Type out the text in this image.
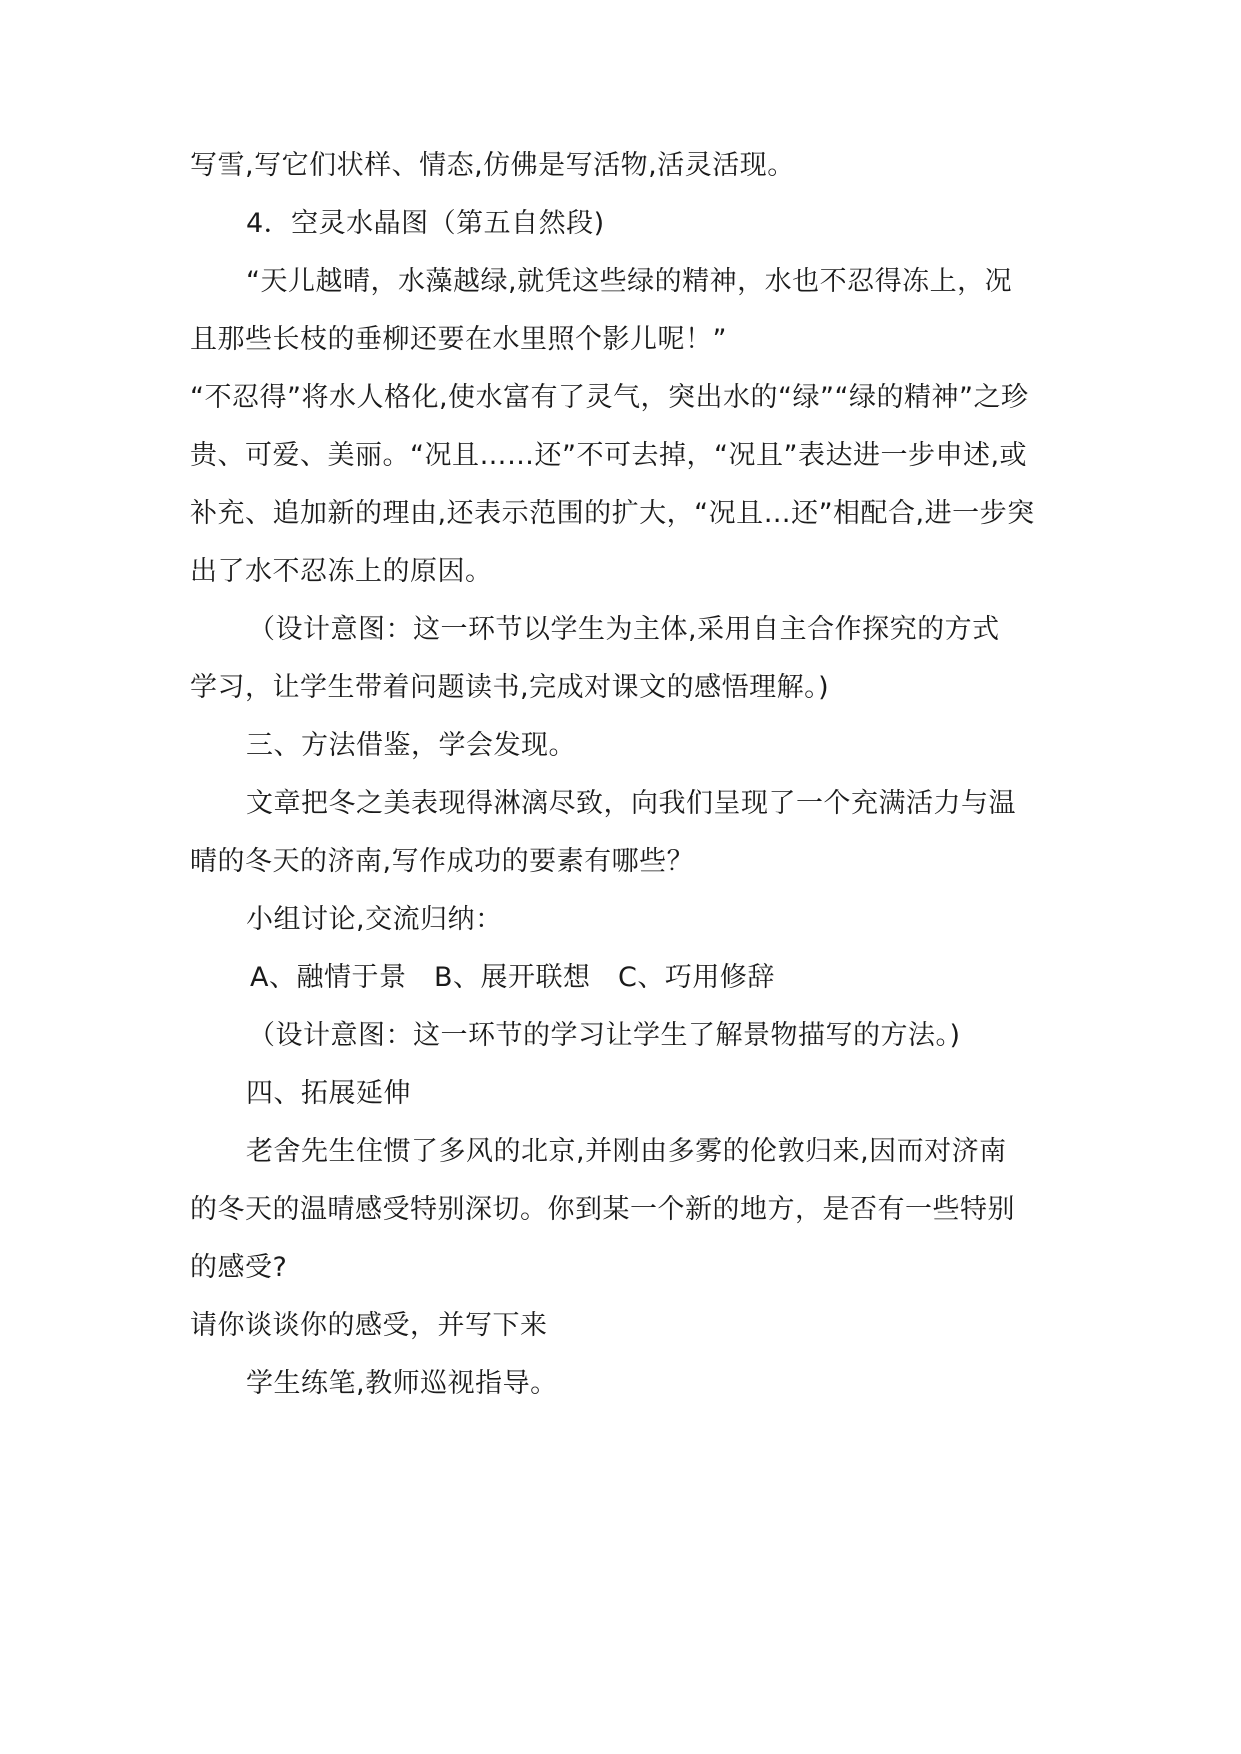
写雪,写它们状样、情态,仿佛是写活物,活灵活现。
4．空灵水晶图（第五自然段)
“天儿越晴，水藻越绿,就凭这些绿的精神，水也不忍得冻上，况
且那些长枝的垂柳还要在水里照个影儿呢！”
“不忍得”将水人格化,使水富有了灵气，突出水的“绿”“绿的精神”之珍
贵、可爱、美丽。“况且……还”不可去掉，“况且”表达进一步申述,或
补充、追加新的理由,还表示范围的扩大，“况且…还”相配合,进一步突
出了水不忍冻上的原因。
（设计意图：这一环节以学生为主体,采用自主合作探究的方式
学习，让学生带着问题读书,完成对课文的感悟理解。)
三、方法借鉴，学会发现。
文章把冬之美表现得淋漓尽致，向我们呈现了一个充满活力与温
晴的冬天的济南,写作成功的要素有哪些？
小组讨论,交流归纳：
A、融情于景　B、展开联想　C、巧用修辞
（设计意图：这一环节的学习让学生了解景物描写的方法。)
四、拓展延伸
老舍先生住惯了多风的北京,并刚由多雾的伦敦归来,因而对济南
的冬天的温晴感受特别深切。你到某一个新的地方，是否有一些特别
的感受?
请你谈谈你的感受，并写下来
学生练笔,教师巡视指导。
